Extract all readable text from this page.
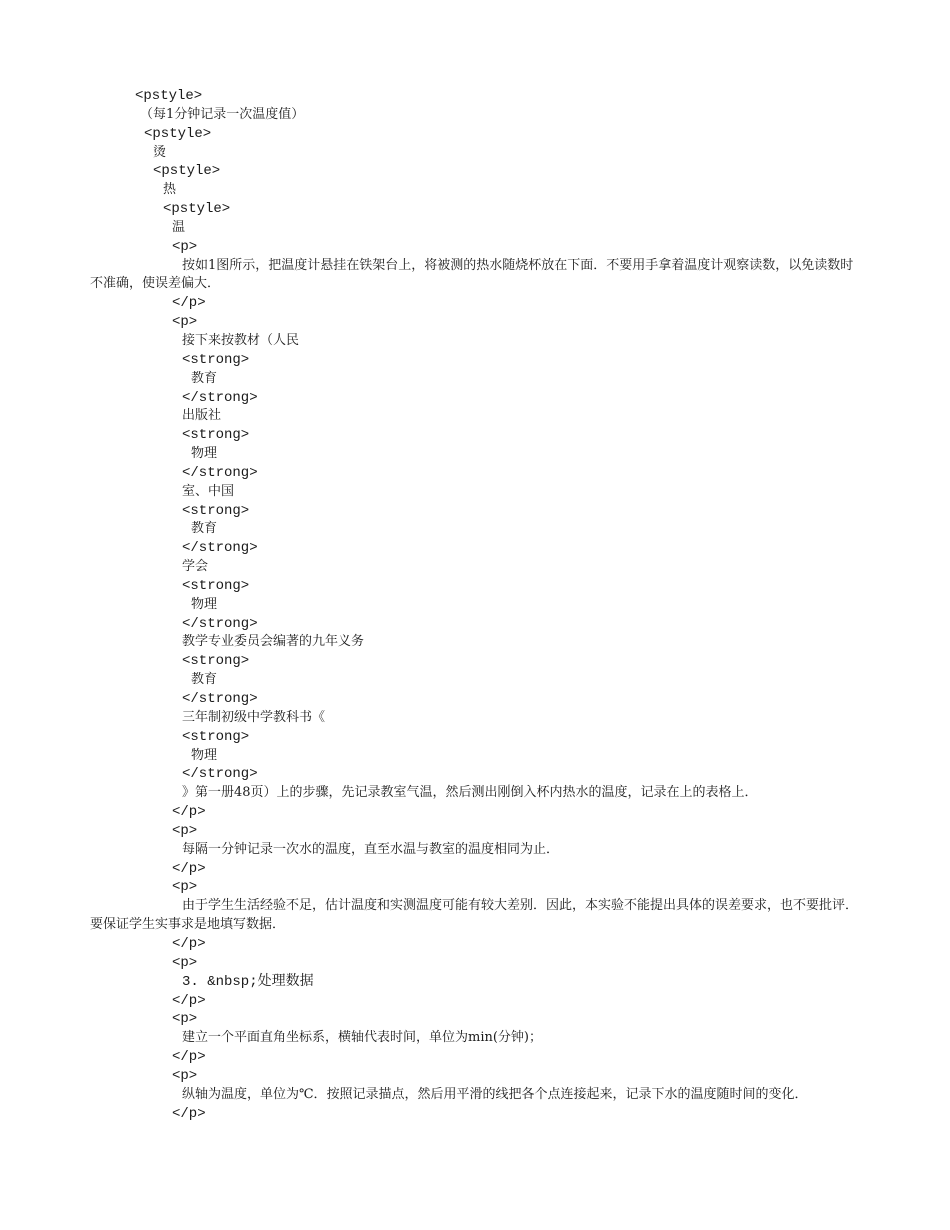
<pstyle>
（每1分钟记录一次温度值）
<pstyle>
烫
<pstyle>
热
<pstyle>
温
<p>
按如1图所示，把温度计悬挂在铁架台上，将被测的热水随烧杯放在下面．不要用手拿着温度计观察读数，以免读数时不准确，使误差偏大．
</p>
<p>
接下来按教材（人民
<strong>
教育
</strong>
出版社
<strong>
物理
</strong>
室、中国
<strong>
教育
</strong>
学会
<strong>
物理
</strong>
教学专业委员会编著的九年义务
<strong>
教育
</strong>
三年制初级中学教科书《
<strong>
物理
</strong>
》第一册48页）上的步骤，先记录教室气温，然后测出刚倒入杯内热水的温度，记录在上的表格上．
</p>
<p>
每隔一分钟记录一次水的温度，直至水温与教室的温度相同为止．
</p>
<p>
由于学生生活经验不足，估计温度和实测温度可能有较大差别．因此，本实验不能提出具体的误差要求，也不要批评．要保证学生实事求是地填写数据．
</p>
<p>
3. &nbsp;处理数据
</p>
<p>
建立一个平面直角坐标系，横轴代表时间，单位为min(分钟)；
</p>
<p>
纵轴为温度，单位为℃．按照记录描点，然后用平滑的线把各个点连接起来，记录下水的温度随时间的变化．
</p>
